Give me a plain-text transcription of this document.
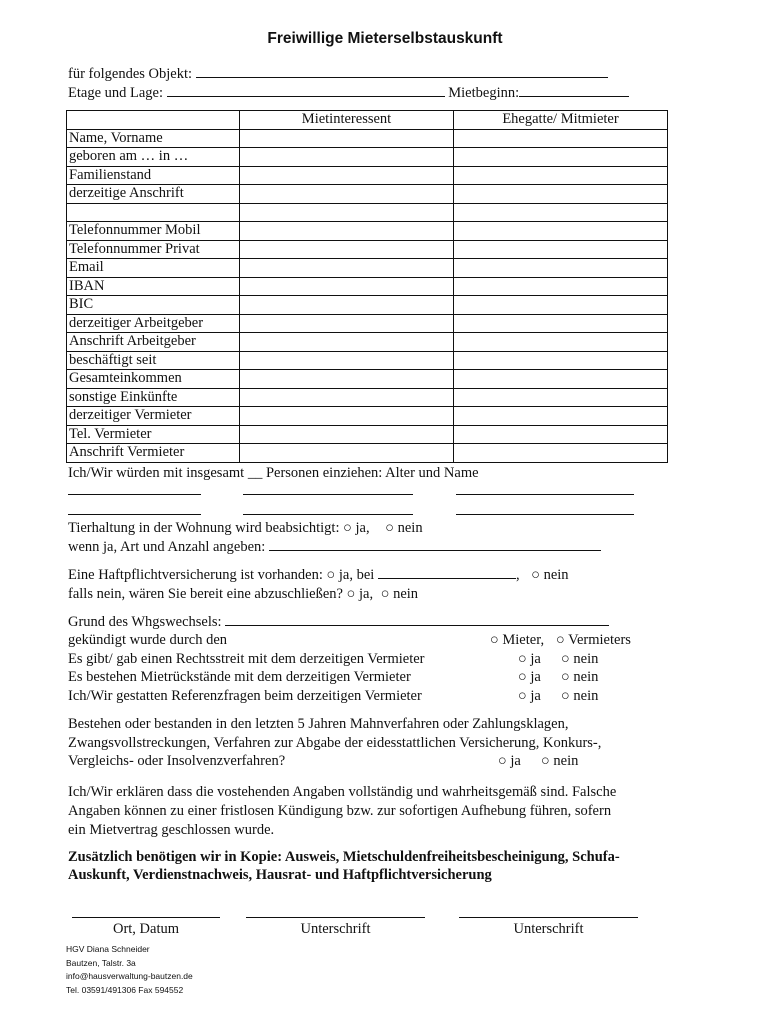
Freiwillige Mieterselbstauskunft
für folgendes Objekt:
Etage und Lage:	Mietbeginn:
	Mietinteressent	Ehegatte/ Mitmieter
Name, Vorname		
geboren am … in …		
Familienstand		
derzeitige Anschrift		

Telefonnummer Mobil		
Telefonnummer Privat		
Email		
IBAN		
BIC		
derzeitiger Arbeitgeber		
Anschrift Arbeitgeber		
beschäftigt seit		
Gesamteinkommen		
sonstige Einkünfte		
derzeitiger Vermieter		
Tel. Vermieter		
Anschrift Vermieter		
Ich/Wir würden mit insgesamt __ Personen einziehen: Alter und Name
Tierhaltung in der Wohnung wird beabsichtigt: ○ ja, ○ nein
wenn ja, Art und Anzahl angeben:
Eine Haftpflichtversicherung ist vorhanden: ○ ja, bei	, ○ nein
falls nein, wären Sie bereit eine abzuschließen? ○ ja, ○ nein
Grund des Whgswechsels:
gekündigt wurde durch den	○ Mieter, ○ Vermieters
Es gibt/ gab einen Rechtsstreit mit dem derzeitigen Vermieter	○ ja ○ nein
Es bestehen Mietrückstände mit dem derzeitigen Vermieter	○ ja ○ nein
Ich/Wir gestatten Referenzfragen beim derzeitigen Vermieter	○ ja ○ nein
Bestehen oder bestanden in den letzten 5 Jahren Mahnverfahren oder Zahlungsklagen,
Zwangsvollstreckungen, Verfahren zur Abgabe der eidesstattlichen Versicherung, Konkurs-,
Vergleichs- oder Insolvenzverfahren?	○ ja ○ nein
Ich/Wir erklären dass die vostehenden Angaben vollständig und wahrheitsgemäß sind. Falsche
Angaben können zu einer fristlosen Kündigung bzw. zur sofortigen Aufhebung führen, sofern
ein Mietvertrag geschlossen wurde.
Zusätzlich benötigen wir in Kopie: Ausweis, Mietschuldenfreiheitsbescheinigung, Schufa-
Auskunft, Verdienstnachweis, Hausrat- und Haftpflichtversicherung
Ort, Datum	Unterschrift	Unterschrift
HGV Diana Schneider
Bautzen, Talstr. 3a
info@hausverwaltung-bautzen.de
Tel. 03591/491306 Fax 594552
